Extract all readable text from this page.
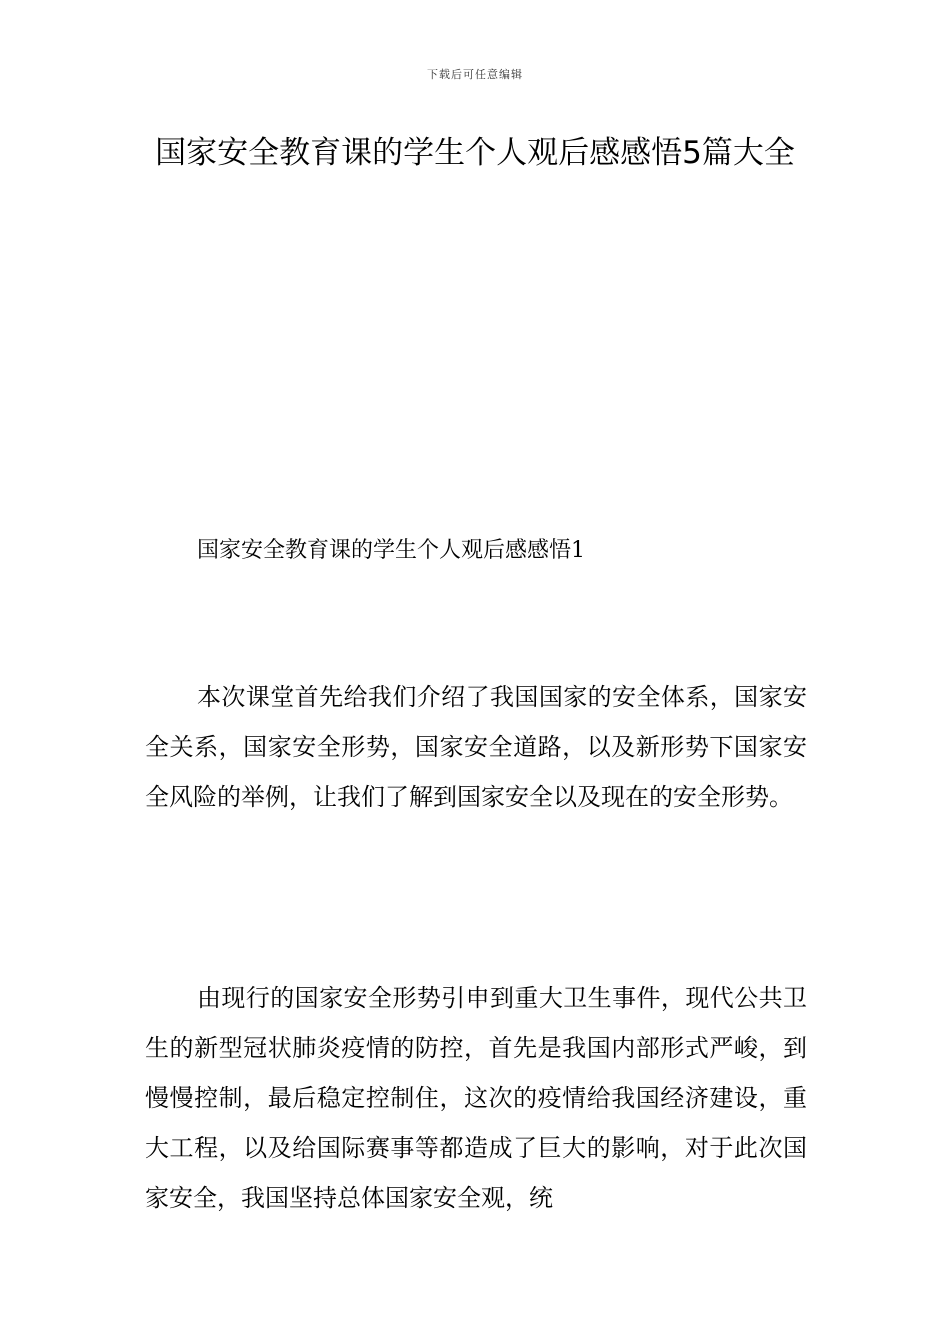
下载后可任意编辑
国家安全教育课的学生个人观后感感悟5篇大全
国家安全教育课的学生个人观后感感悟1

本次课堂首先给我们介绍了我国国家的安全体系，国家安全关系，国家安全形势，国家安全道路，以及新形势下国家安全风险的举例，让我们了解到国家安全以及现在的安全形势。

由现行的国家安全形势引申到重大卫生事件，现代公共卫生的新型冠状肺炎疫情的防控，首先是我国内部形式严峻，到慢慢控制，最后稳定控制住，这次的疫情给我国经济建设，重大工程，以及给国际赛事等都造成了巨大的影响，对于此次国家安全，我国坚持总体国家安全观，统
